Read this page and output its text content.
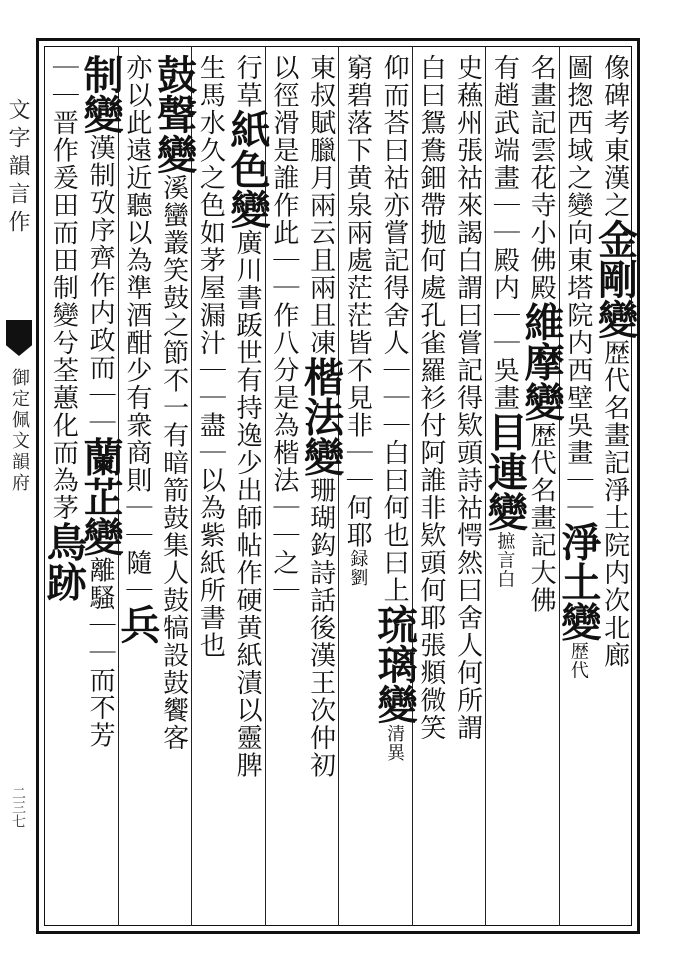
文字韻言作
御定佩文韻府
二三七
像碑考東漢之金剛變歴代名畫記淨土院内次北廊
圖揔西域之變向東塔院内西壁吳畫｜｜淨土變歴代
名畫記雲花寺小佛殿維摩變歴代名畫記大佛
有趙武端畫｜｜殿内｜｜吳畫目連變摭言白
史蘓州張祜來謁白謂曰嘗記得欵頭詩祜愕然曰舍人何所謂
白曰鴛鴦鈿帶抛何處孔雀羅衫付阿誰非欵頭何耶張頫微笑
仰而荅曰祜亦嘗記得舍人｜｜｜白曰何也曰上琉璃變清異
窮碧落下黄泉兩處茫茫皆不見非｜｜何耶録劉
東叔賦臘月兩云且兩且凍楷法變珊瑚鈎詩話後漢王次仲初
以徑滑是誰作此｜｜作八分是為楷法｜｜之｜
行草紙色變廣川書䟦世有持逸少出師帖作硬黄紙漬以靈脾
生馬水久之色如茅屋漏汁｜｜盡｜以為紫紙所書也
鼓聲變溪蠻叢笑鼓之節不一有暗箭鼓集人鼓犒設鼓饗客
亦以此遠近聽以為準酒酣少有衆商則｜｜隨｜兵
制變漢制攷序齊作内政而｜｜蘭芷變離騷｜｜而不芳
｜｜晋作爰田而田制變兮荃蕙化而為茅鳥跡
